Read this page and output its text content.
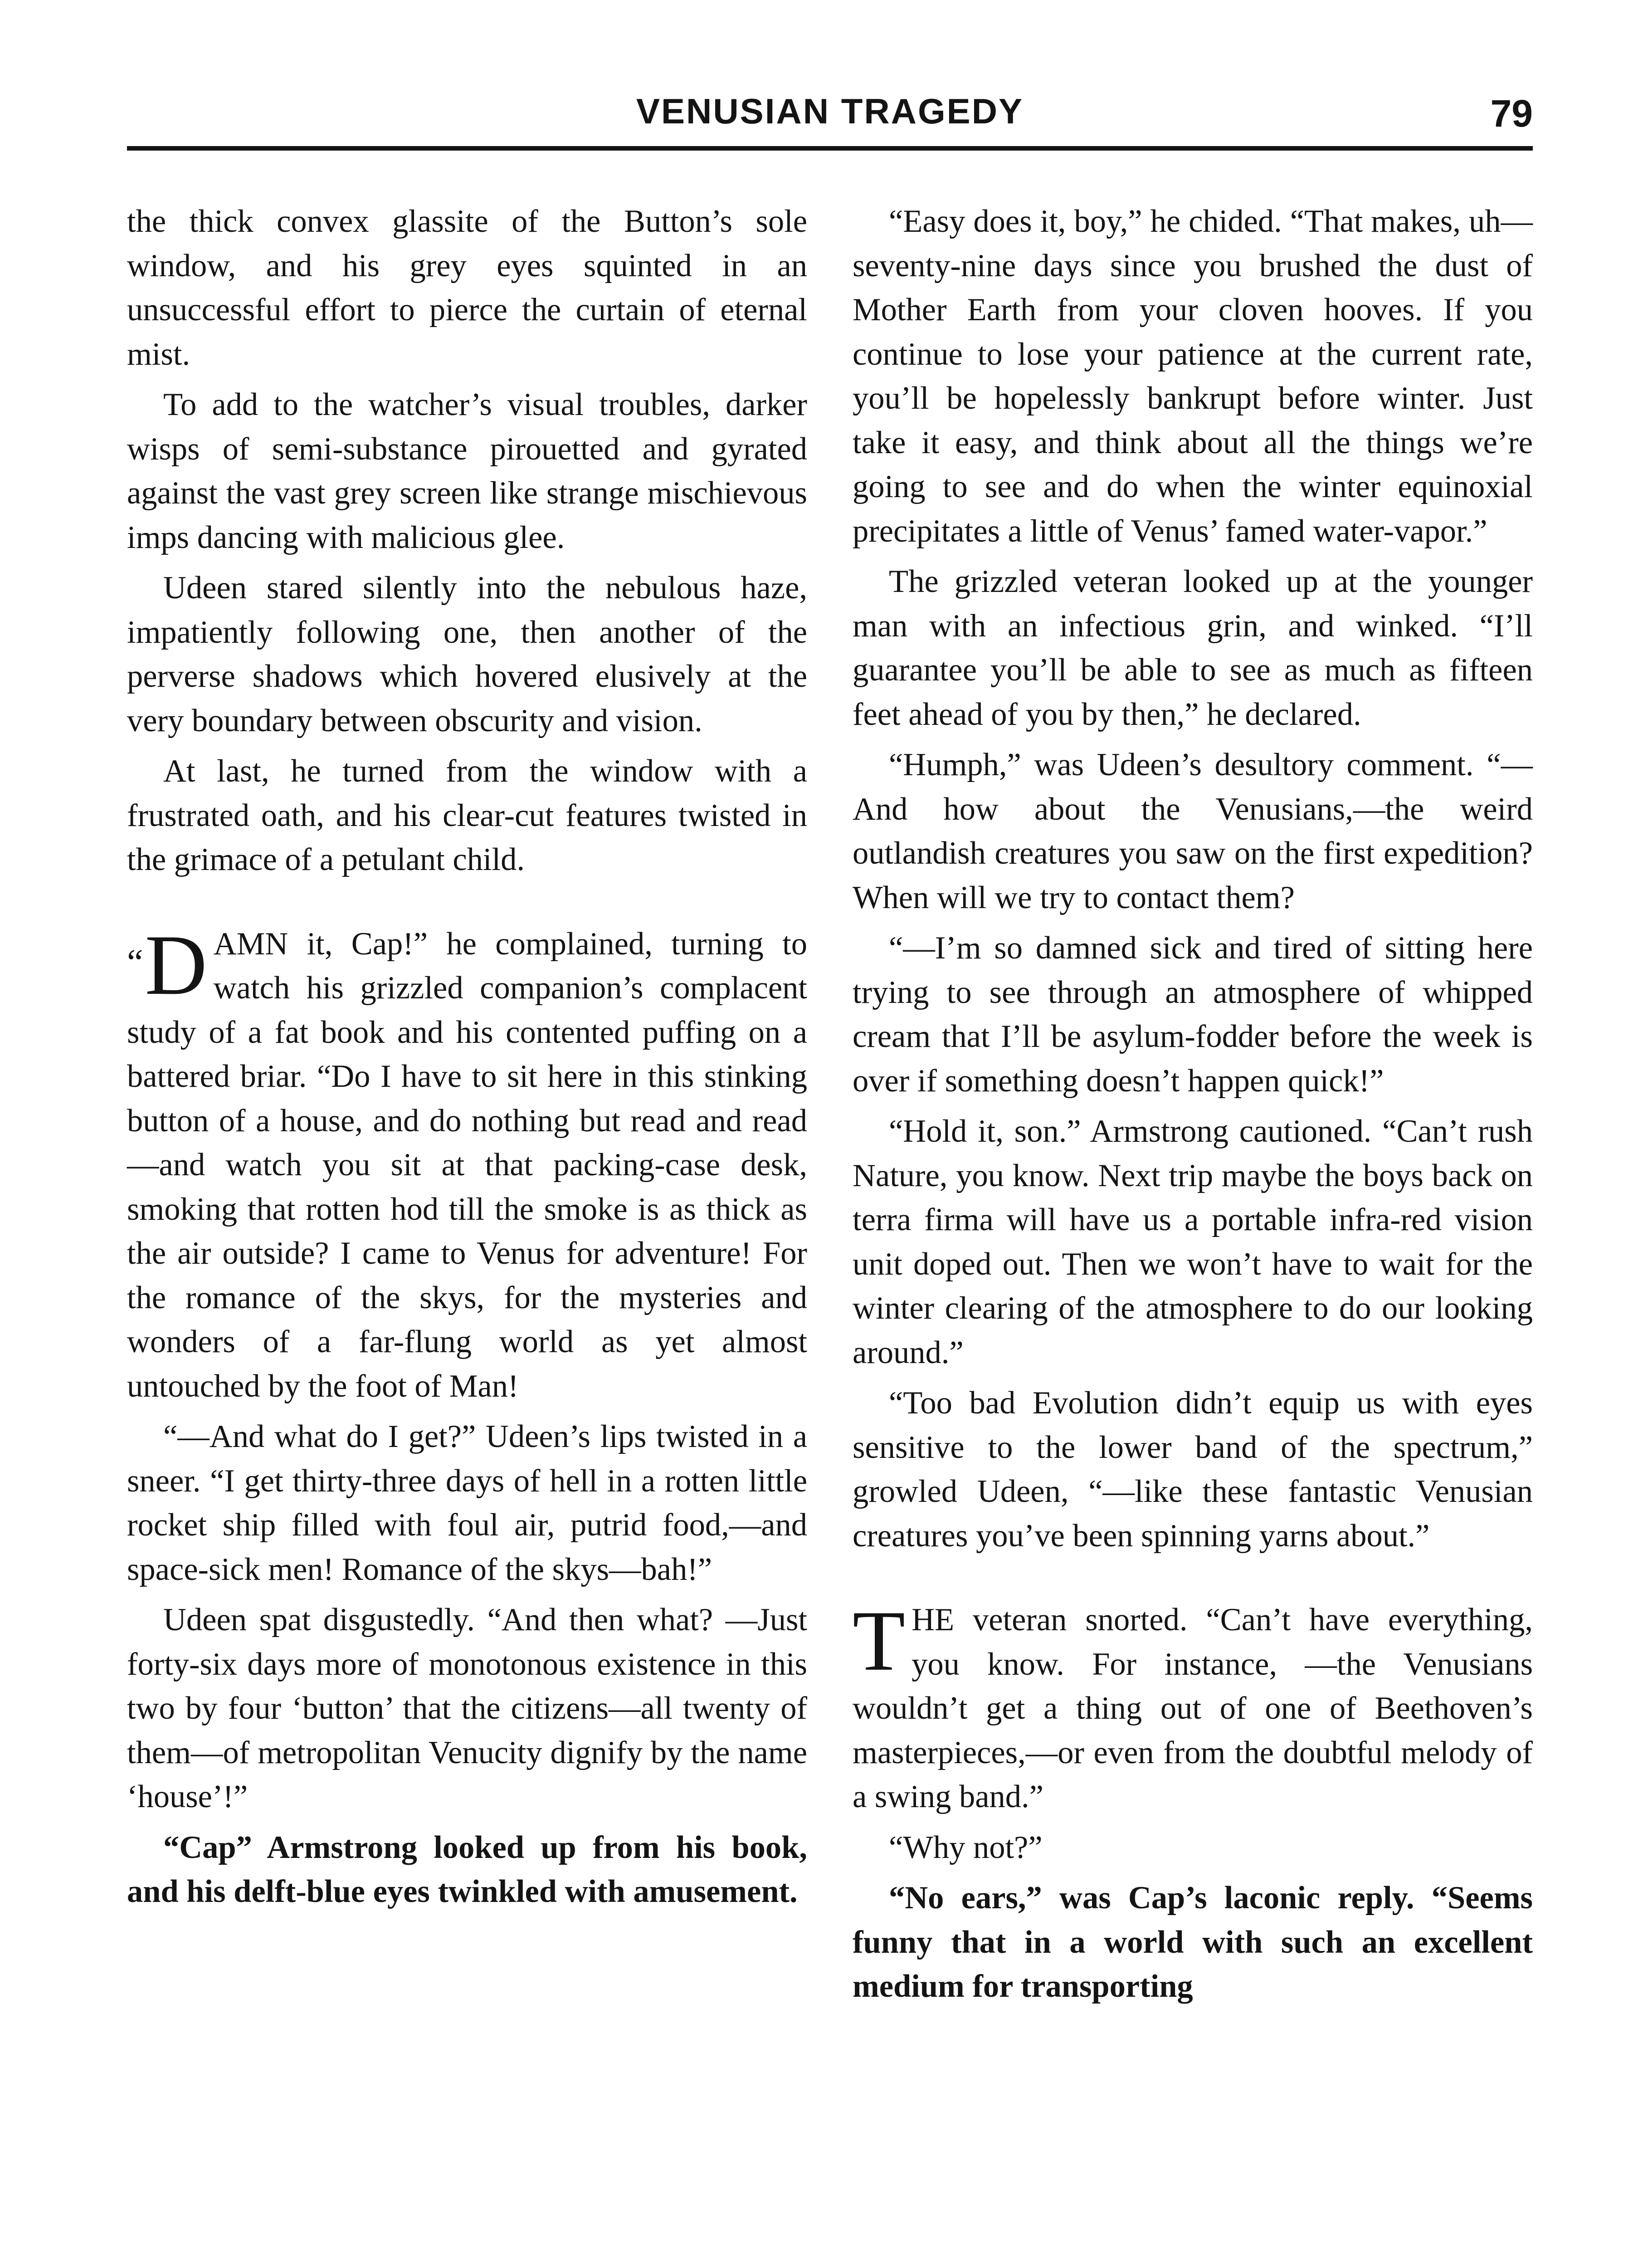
VENUSIAN TRAGEDY	79

the thick convex glassite of the Button’s sole window, and his grey eyes squinted in an unsuccessful effort to pierce the curtain of eternal mist.

To add to the watcher’s visual troubles, darker wisps of semi-substance pirouetted and gyrated against the vast grey screen like strange mischievous imps dancing with malicious glee.

Udeen stared silently into the nebulous haze, impatiently following one, then another of the perverse shadows which hovered elusively at the very boundary between obscurity and vision.

At last, he turned from the window with a frustrated oath, and his clear-cut features twisted in the grimace of a petulant child.

“D AMN it, Cap!” he complained, turning to watch his grizzled companion’s complacent study of a fat book and his contented puffing on a battered briar. “Do I have to sit here in this stinking button of a house, and do nothing but read and read—and watch you sit at that packing-case desk, smoking that rotten hod till the smoke is as thick as the air outside? I came to Venus for adventure! For the romance of the skys, for the mysteries and wonders of a far-flung world as yet almost untouched by the foot of Man!

“—And what do I get?” Udeen’s lips twisted in a sneer. “I get thirty-three days of hell in a rotten little rocket ship filled with foul air, putrid food,—and space-sick men! Romance of the skys—bah!”

Udeen spat disgustedly. “And then what? —Just forty-six days more of monotonous existence in this two by four ‘button’ that the citizens—all twenty of them—of metropolitan Venucity dignify by the name ‘house’!”

“Cap” Armstrong looked up from his book, and his delft-blue eyes twinkled with amusement.

“Easy does it, boy,” he chided. “That makes, uh—seventy-nine days since you brushed the dust of Mother Earth from your cloven hooves. If you continue to lose your patience at the current rate, you’ll be hopelessly bankrupt before winter. Just take it easy, and think about all the things we’re going to see and do when the winter equinoxial precipitates a little of Venus’ famed water-vapor.”

The grizzled veteran looked up at the younger man with an infectious grin, and winked. “I’ll guarantee you’ll be able to see as much as fifteen feet ahead of you by then,” he declared.

“Humph,” was Udeen’s desultory comment. “—And how about the Venusians,—the weird outlandish creatures you saw on the first expedition? When will we try to contact them?

“—I’m so damned sick and tired of sitting here trying to see through an atmosphere of whipped cream that I’ll be asylum-fodder before the week is over if something doesn’t happen quick!”

“Hold it, son.” Armstrong cautioned. “Can’t rush Nature, you know. Next trip maybe the boys back on terra firma will have us a portable infra-red vision unit doped out. Then we won’t have to wait for the winter clearing of the atmosphere to do our looking around.”

“Too bad Evolution didn’t equip us with eyes sensitive to the lower band of the spectrum,” growled Udeen, “—like these fantastic Venusian creatures you’ve been spinning yarns about.”

THE veteran snorted. “Can’t have everything, you know. For instance, —the Venusians wouldn’t get a thing out of one of Beethoven’s masterpieces,—or even from the doubtful melody of a swing band.”

“Why not?”

“No ears,” was Cap’s laconic reply. “Seems funny that in a world with such an excellent medium for transporting
